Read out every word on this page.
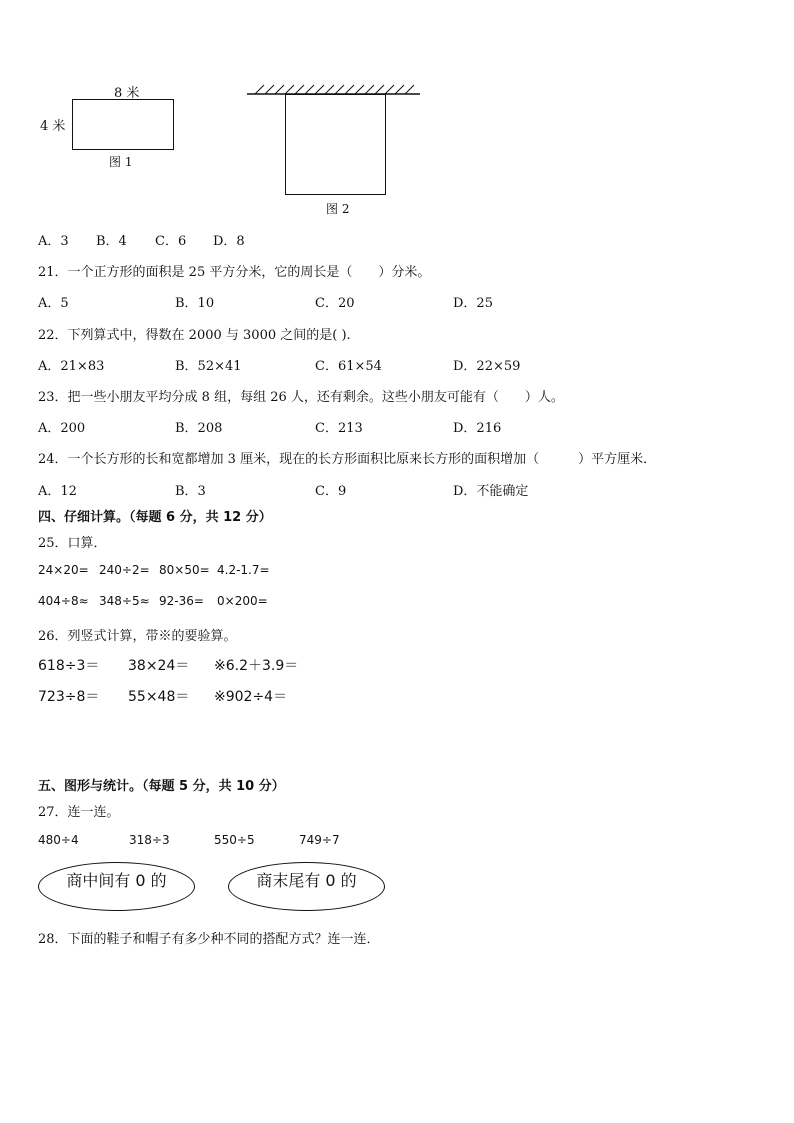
8 米
4 米
图 1
图 2
A．3 B．4 C．6 D．8
21．一个正方形的面积是 25 平方分米，它的周长是（　　）分米。
A．5	B．10	C．20	D．25
22．下列算式中，得数在 2000 与 3000 之间的是( ).
A．21×83	B．52×41	C．61×54	D．22×59
23．把一些小朋友平均分成 8 组，每组 26 人，还有剩余。这些小朋友可能有（　　）人。
A．200	B．208	C．213	D．216
24．一个长方形的长和宽都增加 3 厘米，现在的长方形面积比原来长方形的面积增加（　　　）平方厘米．
A．12	B．3	C．9	D．不能确定
四、仔细计算。（每题 6 分，共 12 分）
25．口算．
24×20= 240÷2= 80×50= 4.2-1.7=
404÷8≈ 348÷5≈ 92-36= 0×200=
26．列竖式计算，带※的要验算。
618÷3＝ 38×24＝ ※6.2＋3.9＝
723÷8＝ 55×48＝ ※902÷4＝
五、图形与统计。（每题 5 分，共 10 分）
27．连一连。
480÷4	318÷3	550÷5	749÷7
商中间有 0 的	商末尾有 0 的
28．下面的鞋子和帽子有多少种不同的搭配方式？连一连．
